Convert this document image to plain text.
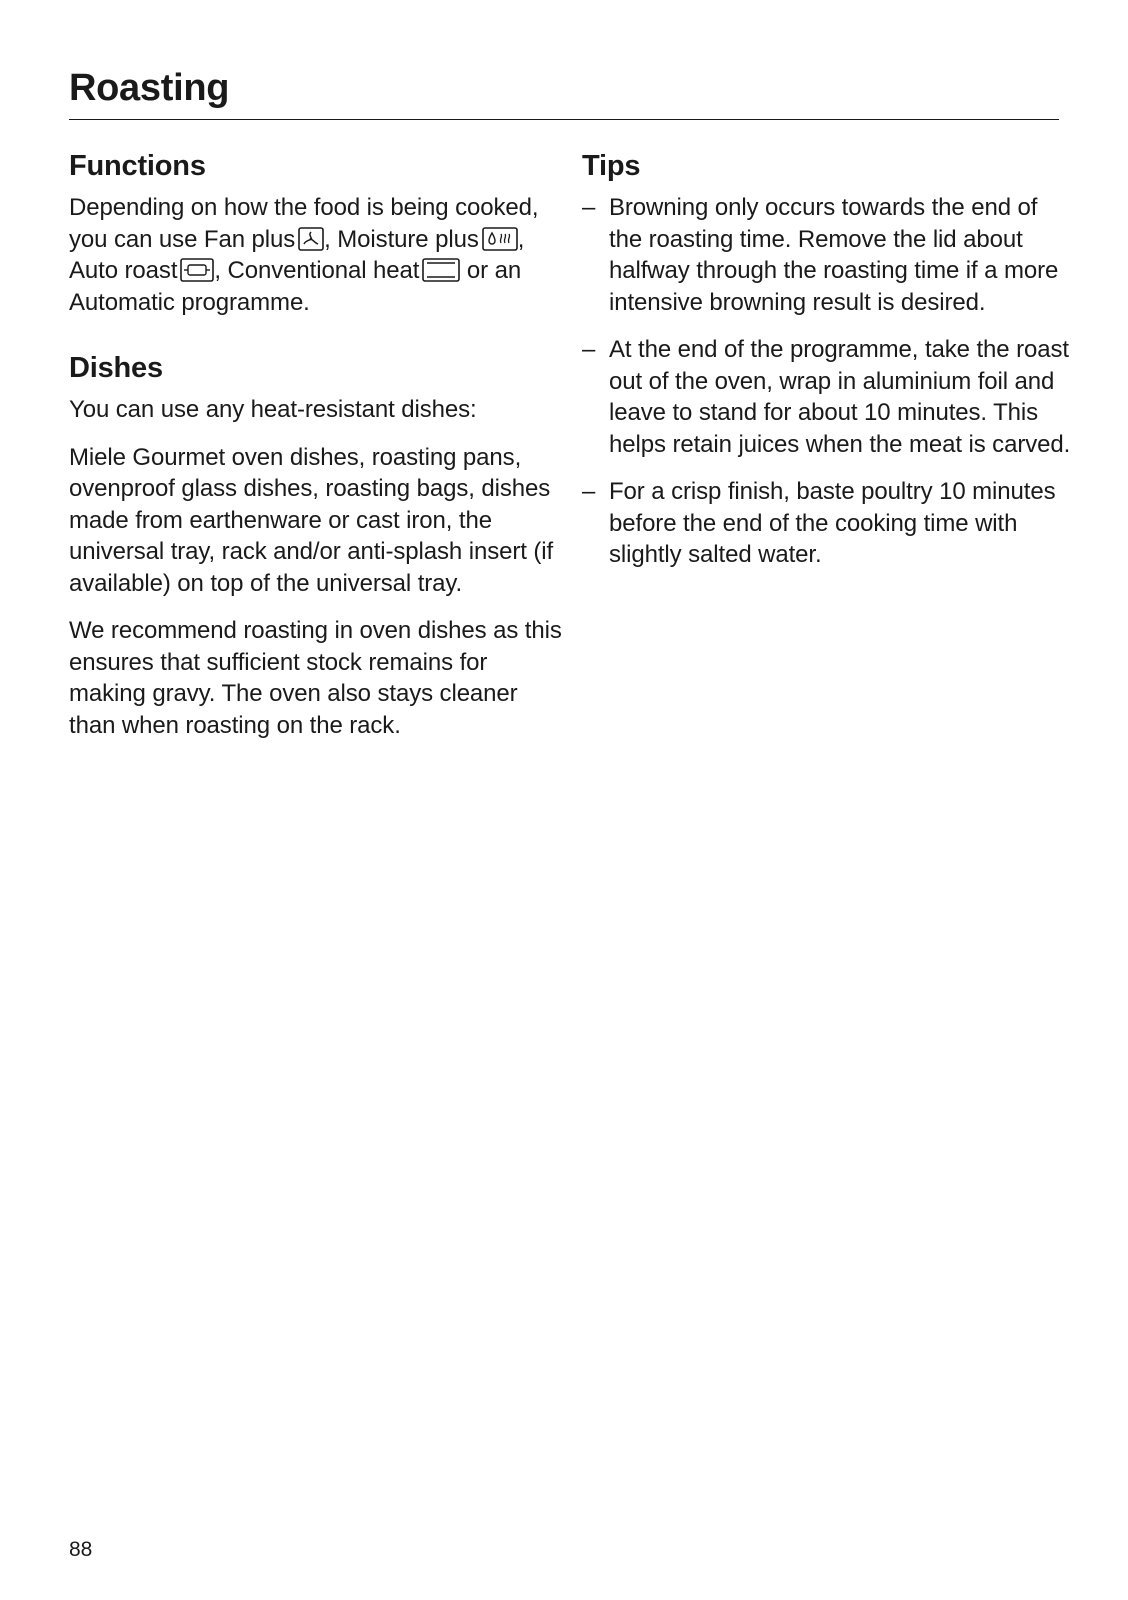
Roasting
Functions

Depending on how the food is being cooked, you can use Fan plus , Moisture plus , Auto roast , Conventional heat
or an Automatic programme.

Dishes

You can use any heat-resistant dishes:

Miele Gourmet oven dishes, roasting pans, ovenproof glass dishes, roasting bags, dishes made from earthenware or cast iron, the universal tray, rack and/or anti-splash insert (if available) on top of the universal tray.

We recommend roasting in oven dishes as this ensures that sufficient stock remains for making gravy. The oven also stays cleaner than when roasting on the rack.

Tips
– Browning only occurs towards the end of the roasting time. Remove the lid about halfway through the roasting time if a more intensive browning result is desired.
– At the end of the programme, take the roast out of the oven, wrap in aluminium foil and leave to stand for about 10 minutes. This helps retain juices when the meat is carved.
– For a crisp finish, baste poultry 10 minutes before the end of the cooking time with slightly salted water.
88
